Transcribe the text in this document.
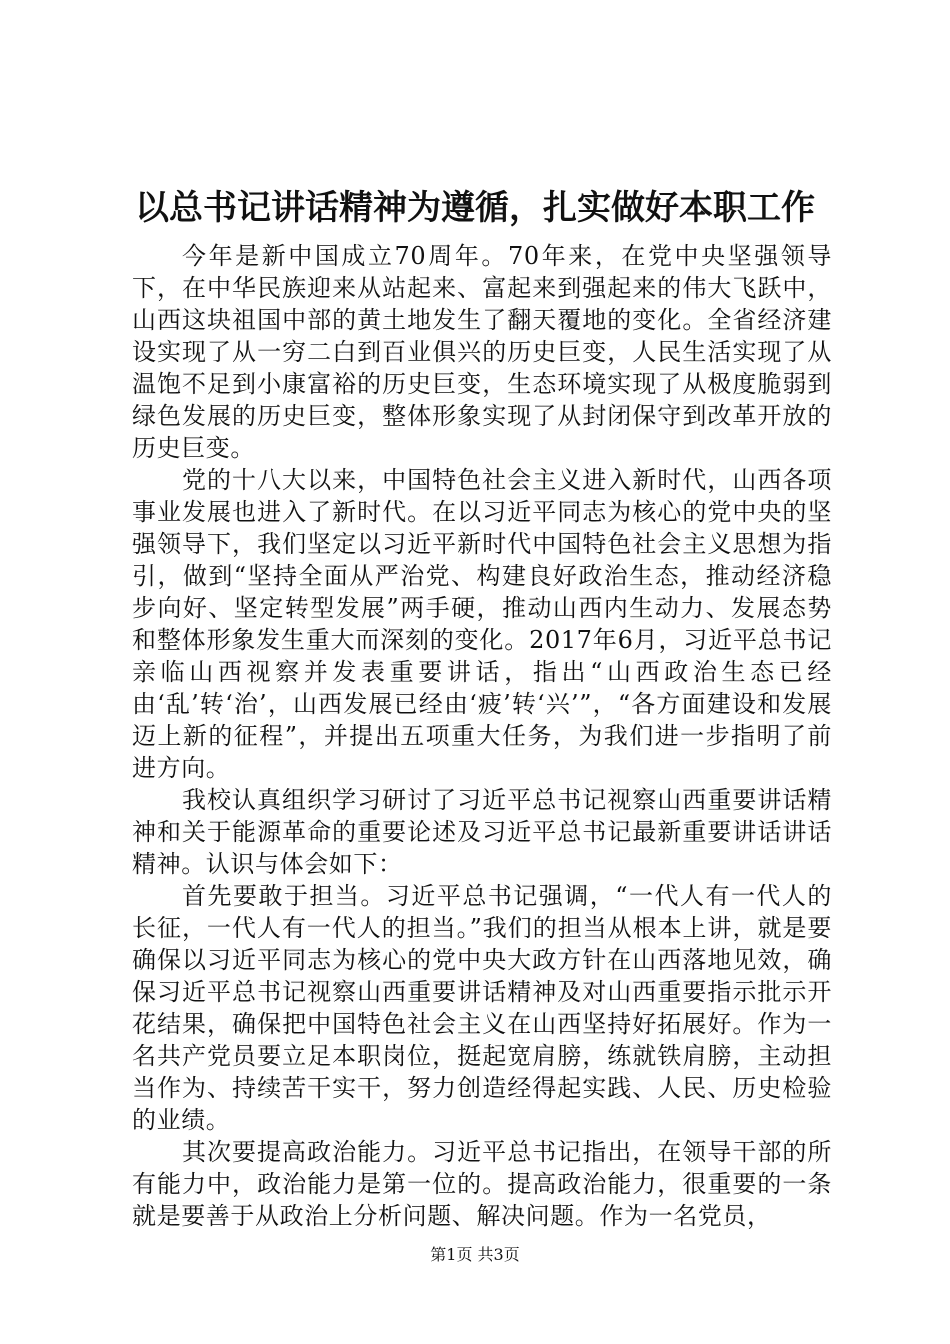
以总书记讲话精神为遵循，扎实做好本职工作

今年是新中国成立70周年。70年来，在党中央坚强领导下，在中华民族迎来从站起来、富起来到强起来的伟大飞跃中，山西这块祖国中部的黄土地发生了翻天覆地的变化。全省经济建设实现了从一穷二白到百业俱兴的历史巨变，人民生活实现了从温饱不足到小康富裕的历史巨变，生态环境实现了从极度脆弱到绿色发展的历史巨变，整体形象实现了从封闭保守到改革开放的历史巨变。

党的十八大以来，中国特色社会主义进入新时代，山西各项事业发展也进入了新时代。在以习近平同志为核心的党中央的坚强领导下，我们坚定以习近平新时代中国特色社会主义思想为指引，做到“坚持全面从严治党、构建良好政治生态，推动经济稳步向好、坚定转型发展”两手硬，推动山西内生动力、发展态势和整体形象发生重大而深刻的变化。2017年6月，习近平总书记亲临山西视察并发表重要讲话，指出“山西政治生态已经由‘乱’转‘治’，山西发展已经由‘疲’转‘兴’”，“各方面建设和发展迈上新的征程”，并提出五项重大任务，为我们进一步指明了前进方向。

我校认真组织学习研讨了习近平总书记视察山西重要讲话精神和关于能源革命的重要论述及习近平总书记最新重要讲话讲话精神。认识与体会如下：

首先要敢于担当。习近平总书记强调，“一代人有一代人的长征，一代人有一代人的担当。”我们的担当从根本上讲，就是要确保以习近平同志为核心的党中央大政方针在山西落地见效，确保习近平总书记视察山西重要讲话精神及对山西重要指示批示开花结果，确保把中国特色社会主义在山西坚持好拓展好。作为一名共产党员要立足本职岗位，挺起宽肩膀，练就铁肩膀，主动担当作为、持续苦干实干，努力创造经得起实践、人民、历史检验的业绩。

其次要提高政治能力。习近平总书记指出，在领导干部的所有能力中，政治能力是第一位的。提高政治能力，很重要的一条就是要善于从政治上分析问题、解决问题。作为一名党员，

第1页 共3页
